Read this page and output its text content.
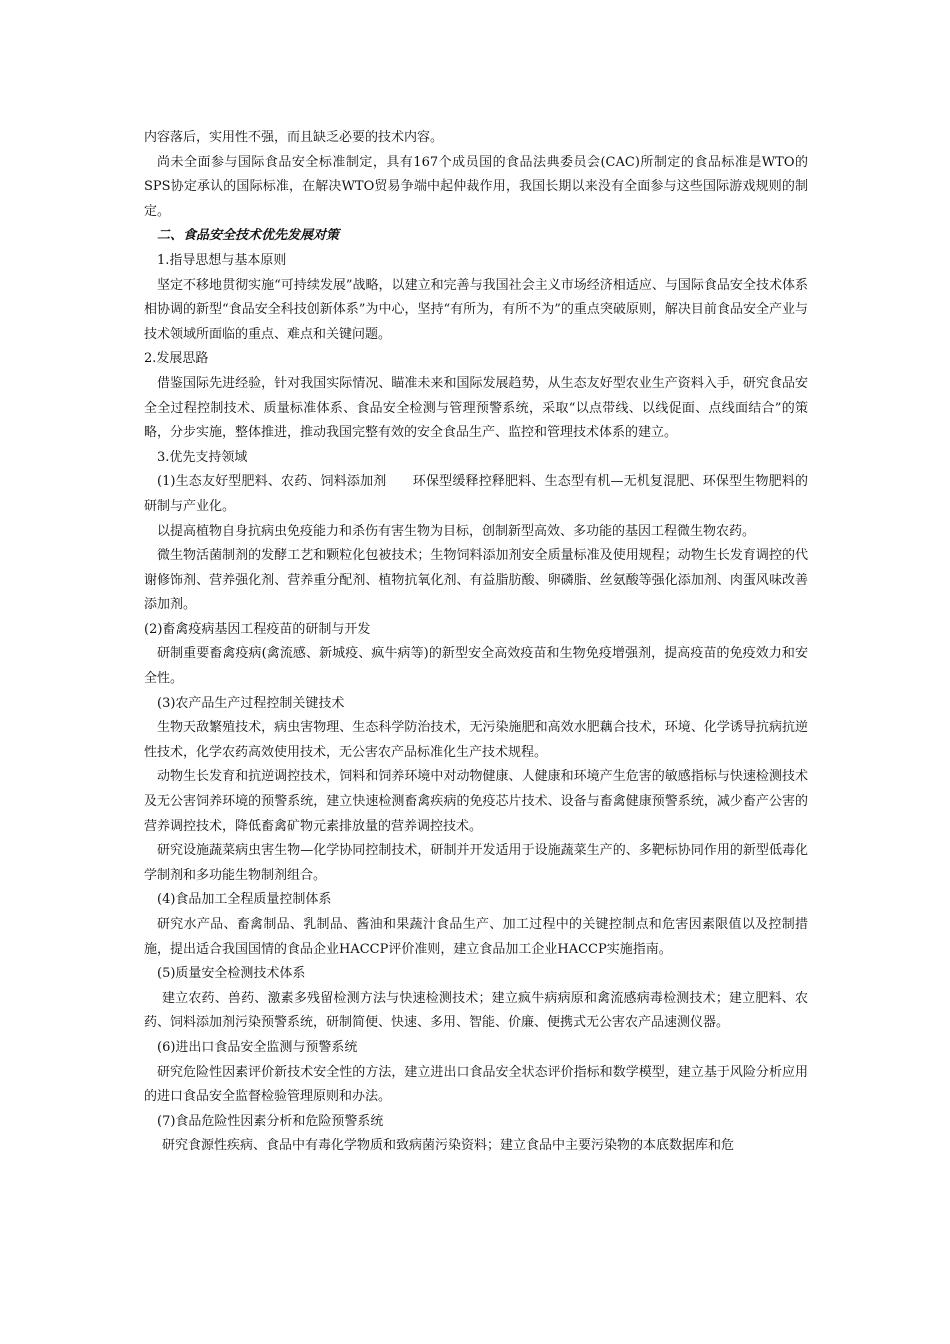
内容落后，实用性不强，而且缺乏必要的技术内容。

尚未全面参与国际食品安全标准制定，具有167个成员国的食品法典委员会(CAC)所制定的食品标准是WTO的SPS协定承认的国际标准，在解决WTO贸易争端中起仲裁作用，我国长期以来没有全面参与这些国际游戏规则的制定。

二、食品安全技术优先发展对策

1.指导思想与基本原则

坚定不移地贯彻实施“可持续发展”战略，以建立和完善与我国社会主义市场经济相适应、与国际食品安全技术体系相协调的新型“食品安全科技创新体系”为中心，坚持“有所为，有所不为”的重点突破原则，解决目前食品安全产业与技术领域所面临的重点、难点和关键问题。

2.发展思路

借鉴国际先进经验，针对我国实际情况、瞄准未来和国际发展趋势，从生态友好型农业生产资料入手，研究食品安全全过程控制技术、质量标准体系、食品安全检测与管理预警系统，采取“以点带线、以线促面、点线面结合”的策略，分步实施，整体推进，推动我国完整有效的安全食品生产、监控和管理技术体系的建立。

3.优先支持领域

(1)生态友好型肥料、农药、饲料添加剂　　环保型缓释控释肥料、生态型有机—无机复混肥、环保型生物肥料的研制与产业化。

以提高植物自身抗病虫免疫能力和杀伤有害生物为目标，创制新型高效、多功能的基因工程微生物农药。

微生物活菌制剂的发酵工艺和颗粒化包被技术；生物饲料添加剂安全质量标准及使用规程；动物生长发育调控的代谢修饰剂、营养强化剂、营养重分配剂、植物抗氧化剂、有益脂肪酸、卵磷脂、丝氨酸等强化添加剂、肉蛋风味改善添加剂。

(2)畜禽疫病基因工程疫苗的研制与开发

研制重要畜禽疫病(禽流感、新城疫、疯牛病等)的新型安全高效疫苗和生物免疫增强剂，提高疫苗的免疫效力和安全性。

(3)农产品生产过程控制关键技术

生物天敌繁殖技术，病虫害物理、生态科学防治技术，无污染施肥和高效水肥藕合技术，环境、化学诱导抗病抗逆性技术，化学农药高效使用技术，无公害农产品标准化生产技术规程。

动物生长发育和抗逆调控技术，饲料和饲养环境中对动物健康、人健康和环境产生危害的敏感指标与快速检测技术及无公害饲养环境的预警系统，建立快速检测畜禽疾病的免疫芯片技术、设备与畜禽健康预警系统，减少畜产公害的营养调控技术，降低畜禽矿物元素排放量的营养调控技术。

研究设施蔬菜病虫害生物—化学协同控制技术，研制并开发适用于设施蔬菜生产的、多靶标协同作用的新型低毒化学制剂和多功能生物制剂组合。

(4)食品加工全程质量控制体系

研究水产品、畜禽制品、乳制品、酱油和果蔬汁食品生产、加工过程中的关键控制点和危害因素限值以及控制措施，提出适合我国国情的食品企业HACCP评价准则，建立食品加工企业HACCP实施指南。

(5)质量安全检测技术体系

建立农药、兽药、激素多残留检测方法与快速检测技术；建立疯牛病病原和禽流感病毒检测技术；建立肥料、农药、饲料添加剂污染预警系统，研制简便、快速、多用、智能、价廉、便携式无公害农产品速测仪器。

(6)进出口食品安全监测与预警系统

研究危险性因素评价新技术安全性的方法，建立进出口食品安全状态评价指标和数学模型，建立基于风险分析应用的进口食品安全监督检验管理原则和办法。

(7)食品危险性因素分析和危险预警系统

研究食源性疾病、食品中有毒化学物质和致病菌污染资料；建立食品中主要污染物的本底数据库和危
